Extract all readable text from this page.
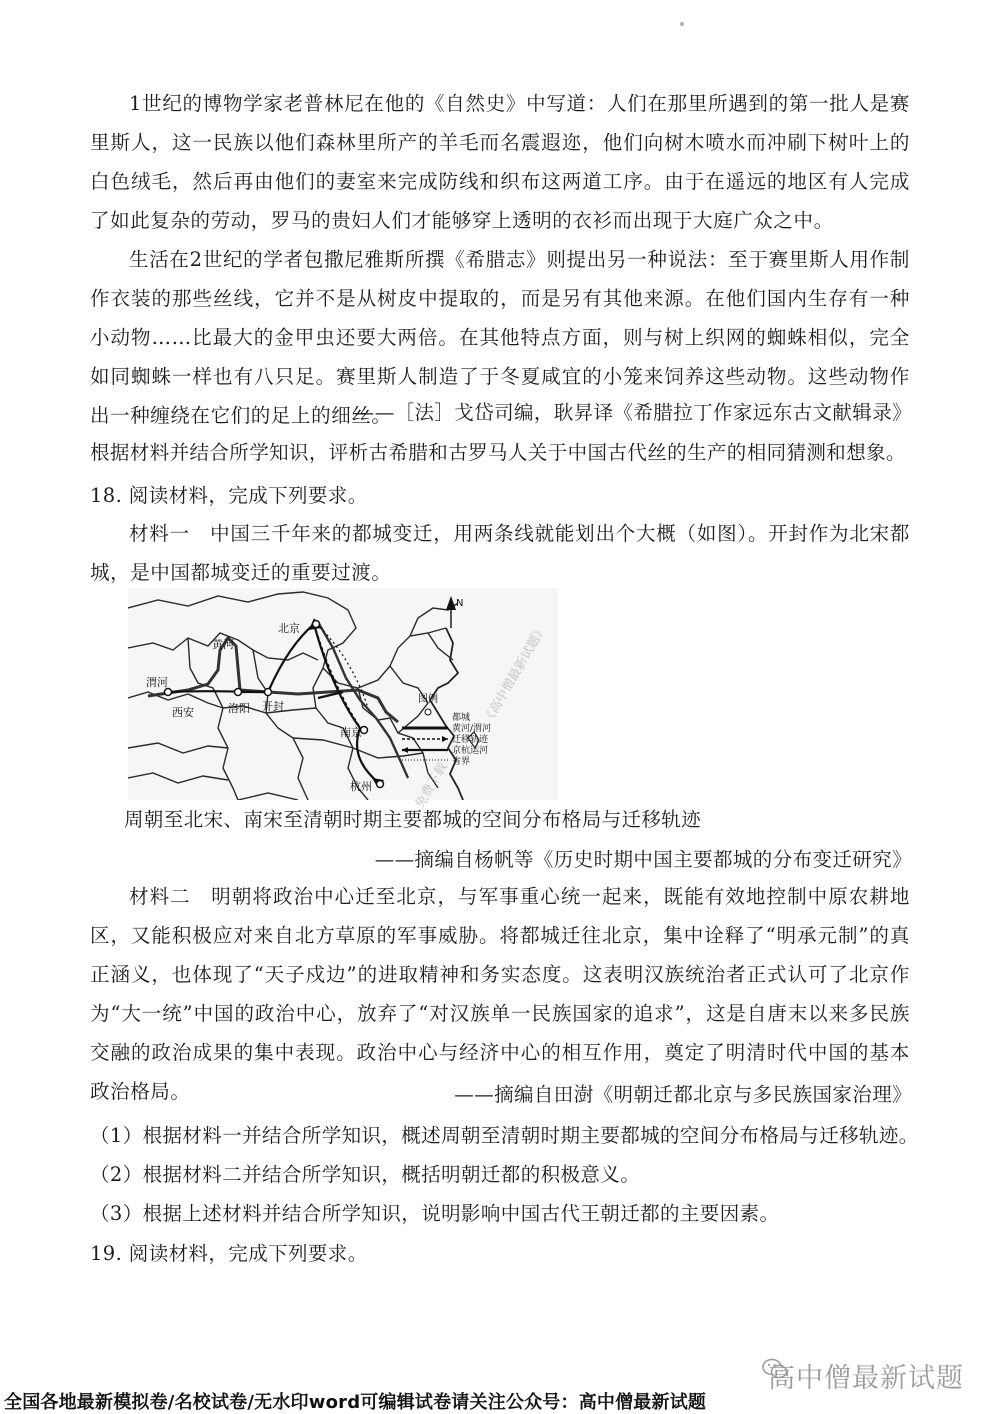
1世纪的博物学家老普林尼在他的《自然史》中写道：人们在那里所遇到的第一批人是赛里斯人，这一民族以他们森林里所产的羊毛而名震遐迩，他们向树木喷水而冲刷下树叶上的白色绒毛，然后再由他们的妻室来完成防线和织布这两道工序。由于在遥远的地区有人完成了如此复杂的劳动，罗马的贵妇人们才能够穿上透明的衣衫而出现于大庭广众之中。

生活在2世纪的学者包撒尼雅斯所撰《希腊志》则提出另一种说法：至于赛里斯人用作制作衣装的那些丝线，它并不是从树皮中提取的，而是另有其他来源。在他们国内生存有一种小动物……比最大的金甲虫还要大两倍。在其他特点方面，则与树上织网的蜘蛛相似，完全如同蜘蛛一样也有八只足。赛里斯人制造了于冬夏咸宜的小笼来饲养这些动物。这些动物作出一种缠绕在它们的足上的细丝。

——［法］戈岱司编，耿昇译《希腊拉丁作家远东古文献辑录》
根据材料并结合所学知识，评析古希腊和古罗马人关于中国古代丝的生产的相同猜测和想象。
18. 阅读材料，完成下列要求。

材料一　中国三千年来的都城变迁，用两条线就能划出个大概（如图）。开封作为北宋都城，是中国都城变迁的重要过渡。

北京
西安	洛阳 开封
南京
杭州
黄河
渭河
图例
都城
黄河/渭河
迁移轨迹
京杭运河
省界
N
《高中僧最新试题》
免费下载
周朝至北宋、南宋至清朝时期主要都城的空间分布格局与迁移轨迹
——摘编自杨帆等《历史时期中国主要都城的分布变迁研究》

材料二　明朝将政治中心迁至北京，与军事重心统一起来，既能有效地控制中原农耕地区，又能积极应对来自北方草原的军事威胁。将都城迁往北京，集中诠释了“明承元制”的真正涵义，也体现了“天子戍边”的进取精神和务实态度。这表明汉族统治者正式认可了北京作为“大一统”中国的政治中心，放弃了“对汉族单一民族国家的追求”，这是自唐末以来多民族交融的政治成果的集中表现。政治中心与经济中心的相互作用，奠定了明清时代中国的基本政治格局。	——摘编自田澍《明朝迁都北京与多民族国家治理》
（1）根据材料一并结合所学知识，概述周朝至清朝时期主要都城的空间分布格局与迁移轨迹。
（2）根据材料二并结合所学知识，概括明朝迁都的积极意义。
（3）根据上述材料并结合所学知识，说明影响中国古代王朝迁都的主要因素。
19. 阅读材料，完成下列要求。
高中僧最新试题
全国各地最新模拟卷/名校试卷/无水印word可编辑试卷请关注公众号：高中僧最新试题
